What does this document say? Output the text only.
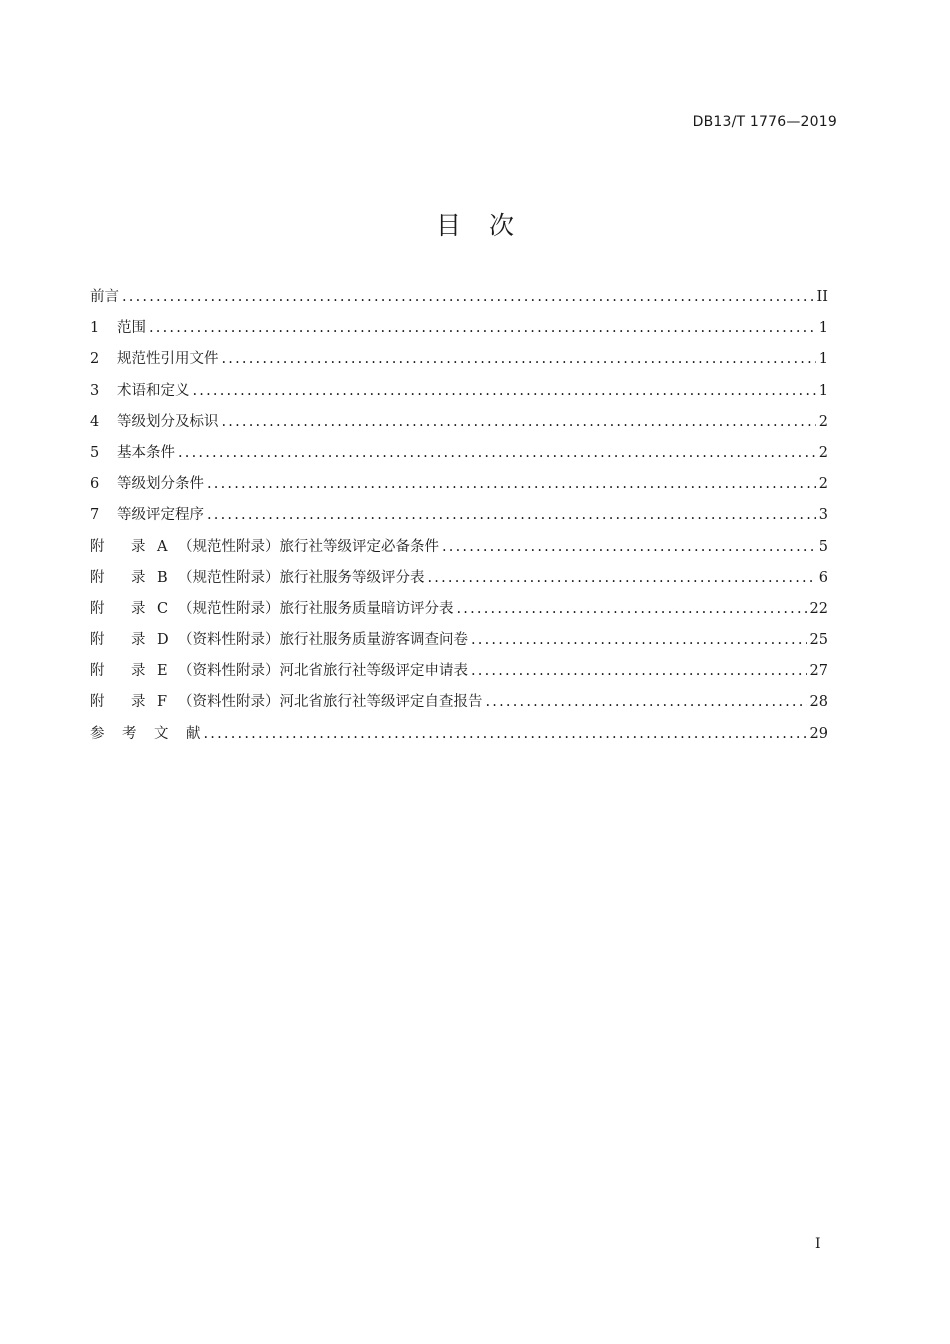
DB13/T 1776—2019
目 次
前言 .....	II
1	范围 .....	1
2	规范性引用文件 .....	1
3	术语和定义 .....	1
4	等级划分及标识 .....	2
5	基本条件 .....	2
6	等级划分条件 .....	2
7	等级评定程序 .....	3
附 录 A （规范性附录）旅行社等级评定必备条件 .....	5
附 录 B （规范性附录）旅行社服务等级评分表 .....	6
附 录 C （规范性附录）旅行社服务质量暗访评分表 .....	22
附 录 D （资料性附录）旅行社服务质量游客调查问卷 .....	25
附 录 E （资料性附录）河北省旅行社等级评定申请表 .....	27
附 录 F （资料性附录）河北省旅行社等级评定自查报告 .....	28
参 考 文 献 .....	29
I
